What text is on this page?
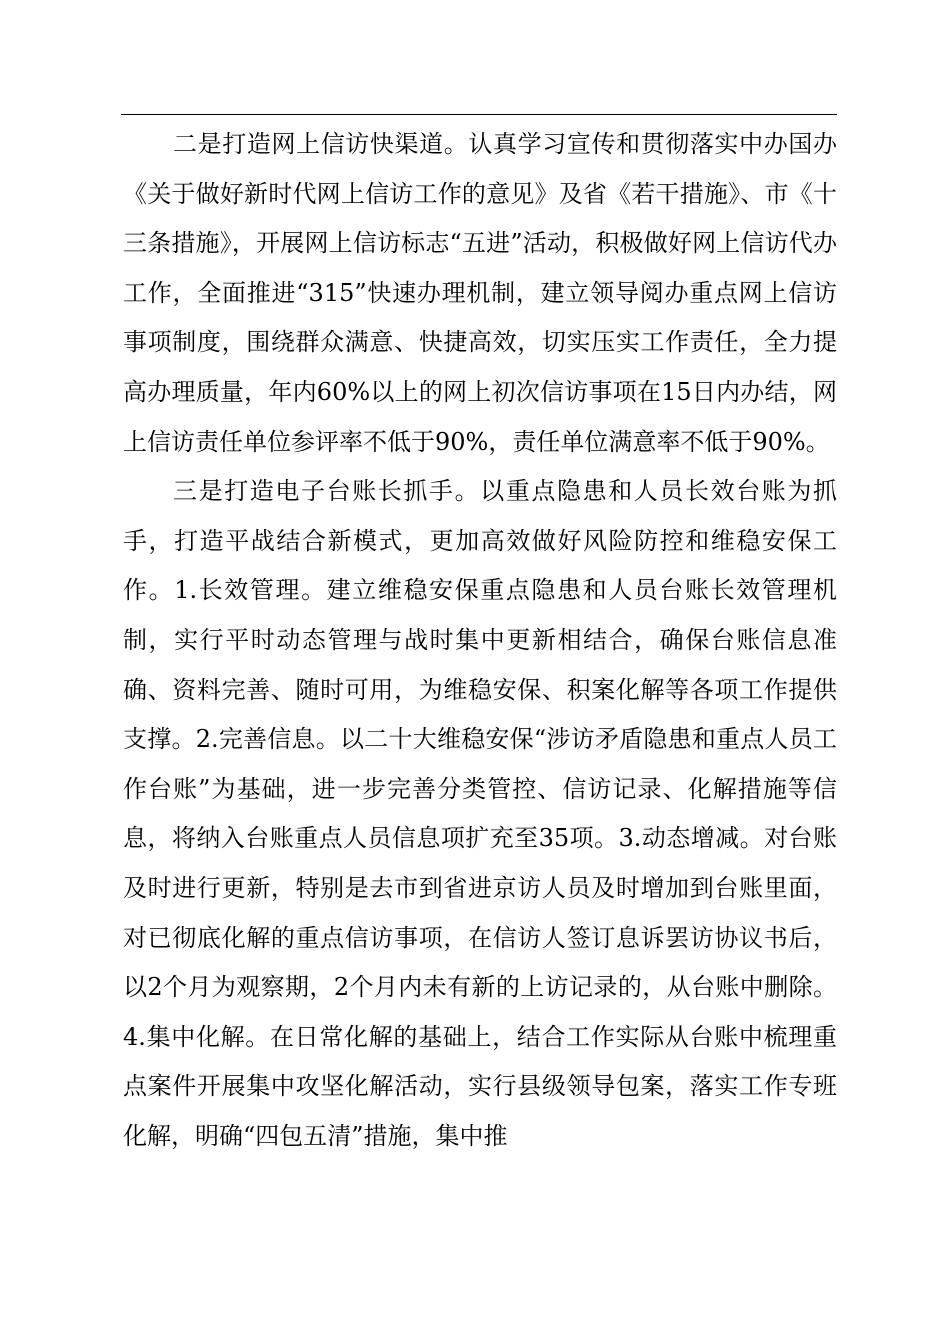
二是打造网上信访快渠道。认真学习宣传和贯彻落实中办国办《关于做好新时代网上信访工作的意见》及省《若干措施》、市《十三条措施》，开展网上信访标志“五进”活动，积极做好网上信访代办工作，全面推进“315”快速办理机制，建立领导阅办重点网上信访事项制度，围绕群众满意、快捷高效，切实压实工作责任，全力提高办理质量，年内60%以上的网上初次信访事项在15日内办结，网上信访责任单位参评率不低于90%，责任单位满意率不低于90%。

三是打造电子台账长抓手。以重点隐患和人员长效台账为抓手，打造平战结合新模式，更加高效做好风险防控和维稳安保工作。1.长效管理。建立维稳安保重点隐患和人员台账长效管理机制，实行平时动态管理与战时集中更新相结合，确保台账信息准确、资料完善、随时可用，为维稳安保、积案化解等各项工作提供支撑。2.完善信息。以二十大维稳安保“涉访矛盾隐患和重点人员工作台账”为基础，进一步完善分类管控、信访记录、化解措施等信息，将纳入台账重点人员信息项扩充至35项。3.动态增减。对台账及时进行更新，特别是去市到省进京访人员及时增加到台账里面，对已彻底化解的重点信访事项，在信访人签订息诉罢访协议书后，以2个月为观察期，2个月内未有新的上访记录的，从台账中删除。4.集中化解。在日常化解的基础上，结合工作实际从台账中梳理重点案件开展集中攻坚化解活动，实行县级领导包案，落实工作专班化解，明确“四包五清”措施，集中推
